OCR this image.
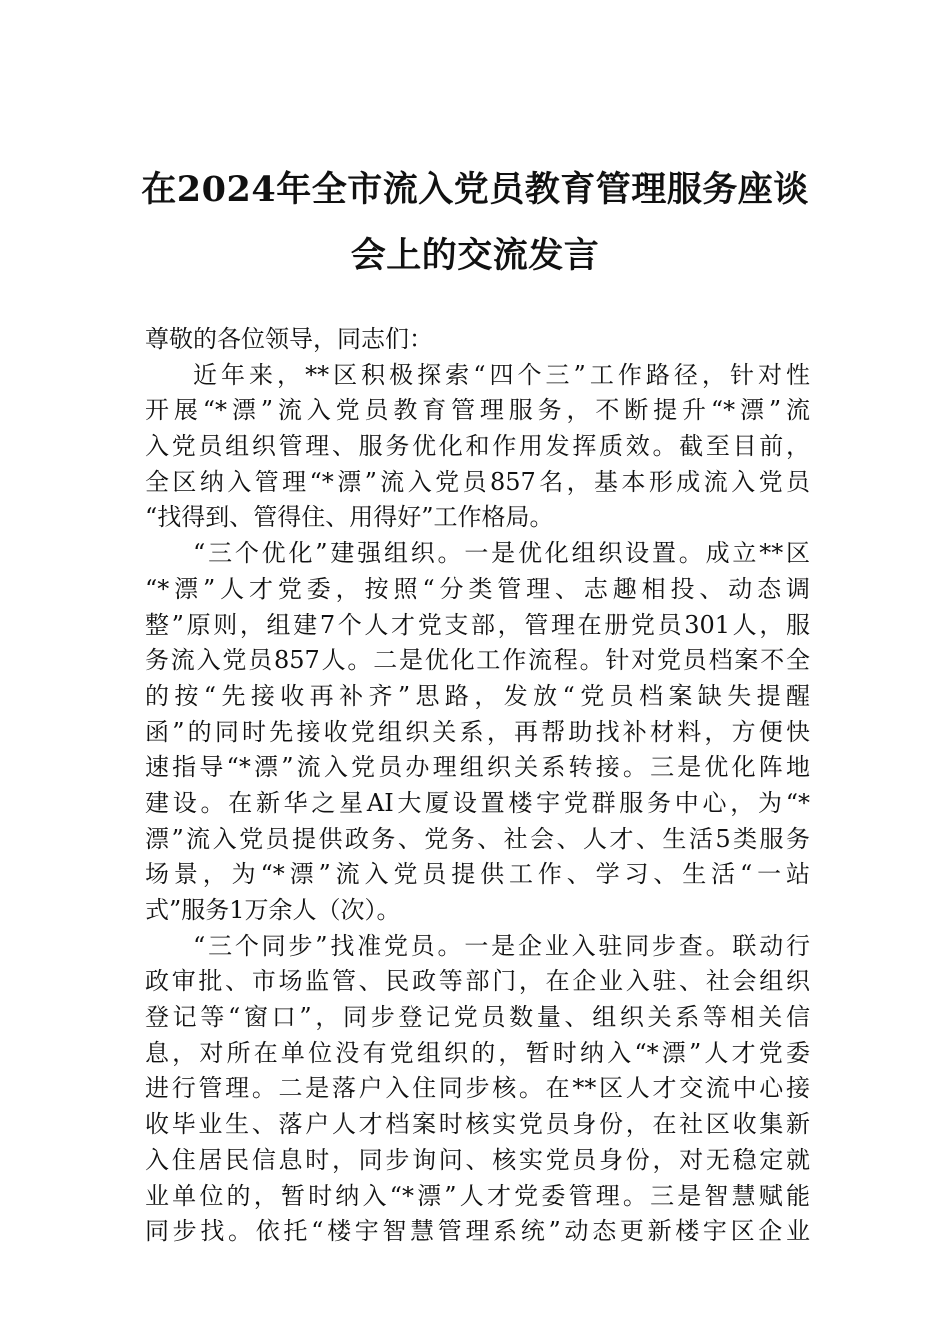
在2024年全市流入党员教育管理服务座谈
会上的交流发言
尊敬的各位领导，同志们：
近年来，**区积极探索“四个三”工作路径，针对性
开展“*漂”流入党员教育管理服务，不断提升“*漂”流
入党员组织管理、服务优化和作用发挥质效。截至目前，
全区纳入管理“*漂”流入党员857名，基本形成流入党员
“找得到、管得住、用得好”工作格局。
“三个优化”建强组织。一是优化组织设置。成立**区
“*漂”人才党委，按照“分类管理、志趣相投、动态调
整”原则，组建7个人才党支部，管理在册党员301人，服
务流入党员857人。二是优化工作流程。针对党员档案不全
的按“先接收再补齐”思路，发放“党员档案缺失提醒
函”的同时先接收党组织关系，再帮助找补材料，方便快
速指导“*漂”流入党员办理组织关系转接。三是优化阵地
建设。在新华之星AI大厦设置楼宇党群服务中心，为“*
漂”流入党员提供政务、党务、社会、人才、生活5类服务
场景，为“*漂”流入党员提供工作、学习、生活“一站
式”服务1万余人（次）。
“三个同步”找准党员。一是企业入驻同步查。联动行
政审批、市场监管、民政等部门，在企业入驻、社会组织
登记等“窗口”，同步登记党员数量、组织关系等相关信
息，对所在单位没有党组织的，暂时纳入“*漂”人才党委
进行管理。二是落户入住同步核。在**区人才交流中心接
收毕业生、落户人才档案时核实党员身份，在社区收集新
入住居民信息时，同步询问、核实党员身份，对无稳定就
业单位的，暂时纳入“*漂”人才党委管理。三是智慧赋能
同步找。依托“楼宇智慧管理系统”动态更新楼宇区企业
